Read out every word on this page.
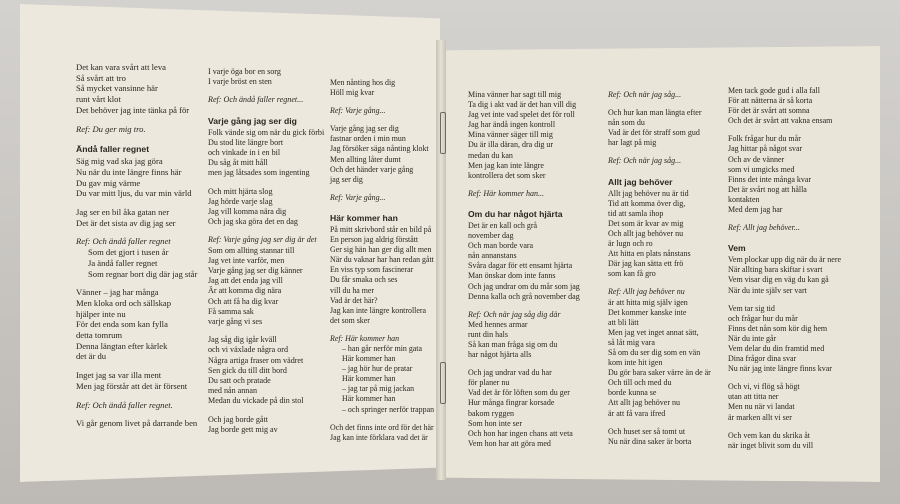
Det kan vara svårt att leva
Så svårt att tro
Så mycket vansinne här
runt vårt klot
Det behöver jag inte tänka på för
Ref: Du ger mig tro.
Ändå faller regnet
Säg mig vad ska jag göra
Nu när du inte längre finns här
Du gav mig värme
Du var mitt ljus, du var min värld
Jag ser en bil åka gatan ner
Det är det sista av dig jag ser
Ref: Och ändå faller regnet
Som det gjort i tusen år
Ja ändå faller regnet
Som regnar bort dig där jag står
Vänner – jag har många
Men kloka ord och sällskap
hjälper inte nu
För det enda som kan fylla
detta tomrum
Denna längtan efter kärlek
det är du
Inget jag sa var illa ment
Men jag förstår att det är försent
Ref: Och ändå faller regnet.
Vi går genom livet på darrande ben
I varje öga bor en sorg
I varje bröst en sten
Ref: Och ändå faller regnet...
Varje gång jag ser dig
Folk vände sig om när du gick förbi
Du stod lite längre bort
och vinkade in i en bil
Du såg åt mitt håll
men jag låtsades som ingenting
Och mitt hjärta slog
Jag hörde varje slag
Jag vill komma nära dig
Och jag ska göra det en dag
Ref: Varje gång jag ser dig är det
Som om allting stannar till
Jag vet inte varför, men
Varje gång jag ser dig känner
Jag att det enda jag vill
Är att komma dig nära
Och att få ha dig kvar
Få samma sak
varje gång vi ses
Jag såg dig igår kväll
och vi växlade några ord
Några artiga fraser om vädret
Sen gick du till ditt bord
Du satt och pratade
med nån annan
Medan du vickade på din stol
Och jag borde gått
Jag borde gett mig av
Men nånting hos dig
Höll mig kvar
Ref: Varje gång...
Varje gång jag ser dig
fastnar orden i min mun
Jag försöker säga nånting klokt
Men allting låter dumt
Och det händer varje gång
jag ser dig
Ref: Varje gång...
Här kommer han
På mitt skrivbord står en bild på
En person jag aldrig förstått
Ger sig hän han ger dig allt men
När du vaknar har han redan gått
En viss typ som fascinerar
Du får smaka och ses
vill du ha mer
Vad är det här?
Jag kan inte längre kontrollera
det som sker
Ref: Här kommer han
– han går nerför min gata
Här kommer han
– jag hör hur de pratar
Här kommer han
– jag tar på mig jackan
Här kommer han
– och springer nerför trappan
Och det finns inte ord för det här
Jag kan inte förklara vad det är
Mina vänner har sagt till mig
Ta dig i akt vad är det han vill dig
Jag vet inte vad spelet det för roll
Jag har ändå ingen kontroll
Mina vänner säger till mig
Du är illa däran, dra dig ur
medan du kan
Men jag kan inte längre
kontrollera det som sker
Ref: Här kommer han...
Om du har något hjärta
Det är en kall och grå
november dag
Och man borde vara
nån annanstans
Svåra dagar för ett ensamt hjärta
Man önskar dom inte fanns
Och jag undrar om du mår som jag
Denna kalla och grå november dag
Ref: Och när jag såg dig där
Med hennes armar
runt din hals
Så kan man fråga sig om du
har något hjärta alls
Och jag undrar vad du har
för planer nu
Vad det är för löften som du ger
Hur många fingrar korsade
bakom ryggen
Som hon inte ser
Och hon har ingen chans att veta
Vem hon har att göra med
Ref: Och när jag såg...
Och hur kan man längta efter
nån som du
Vad är det för straff som gud
har lagt på mig
Ref: Och när jag såg...
Allt jag behöver
Allt jag behöver nu är tid
Tid att komma över dig,
tid att samla ihop
Det som är kvar av mig
Och allt jag behöver nu
är lugn och ro
Att hitta en plats nånstans
Där jag kan sätta ett frö
som kan få gro
Ref: Allt jag behöver nu
är att hitta mig själv igen
Det kommer kanske inte
att bli lätt
Men jag vet inget annat sätt,
så låt mig vara
Så om du ser dig som en vän
kom inte hit igen
Du gör bara saker värre än de är
Och till och med du
borde kunna se
Att allt jag behöver nu
är att få vara ifred
Och huset ser så tomt ut
Nu när dina saker är borta
Men tack gode gud i alla fall
För att nätterna är så korta
För det är svårt att somna
Och det är svårt att vakna ensam
Folk frågar hur du mår
Jag hittar på något svar
Och av de vänner
som vi umgicks med
Finns det inte många kvar
Det är svårt nog att hålla
kontakten
Med dem jag har
Ref: Allt jag behöver...
Vem
Vem plockar upp dig när du är nere
När allting bara skiftar i svart
Vem visar dig en väg du kan gå
När du inte själv ser vart
Vem tar sig tid
och frågar hur du mår
Finns det nån som kör dig hem
När du inte går
Vem delar du din framtid med
Dina frågor dina svar
Nu när jag inte längre finns kvar
Och vi, vi flög så högt
utan att titta ner
Men nu när vi landat
är marken allt vi ser
Och vem kan du skrika åt
när inget blivit som du vill
